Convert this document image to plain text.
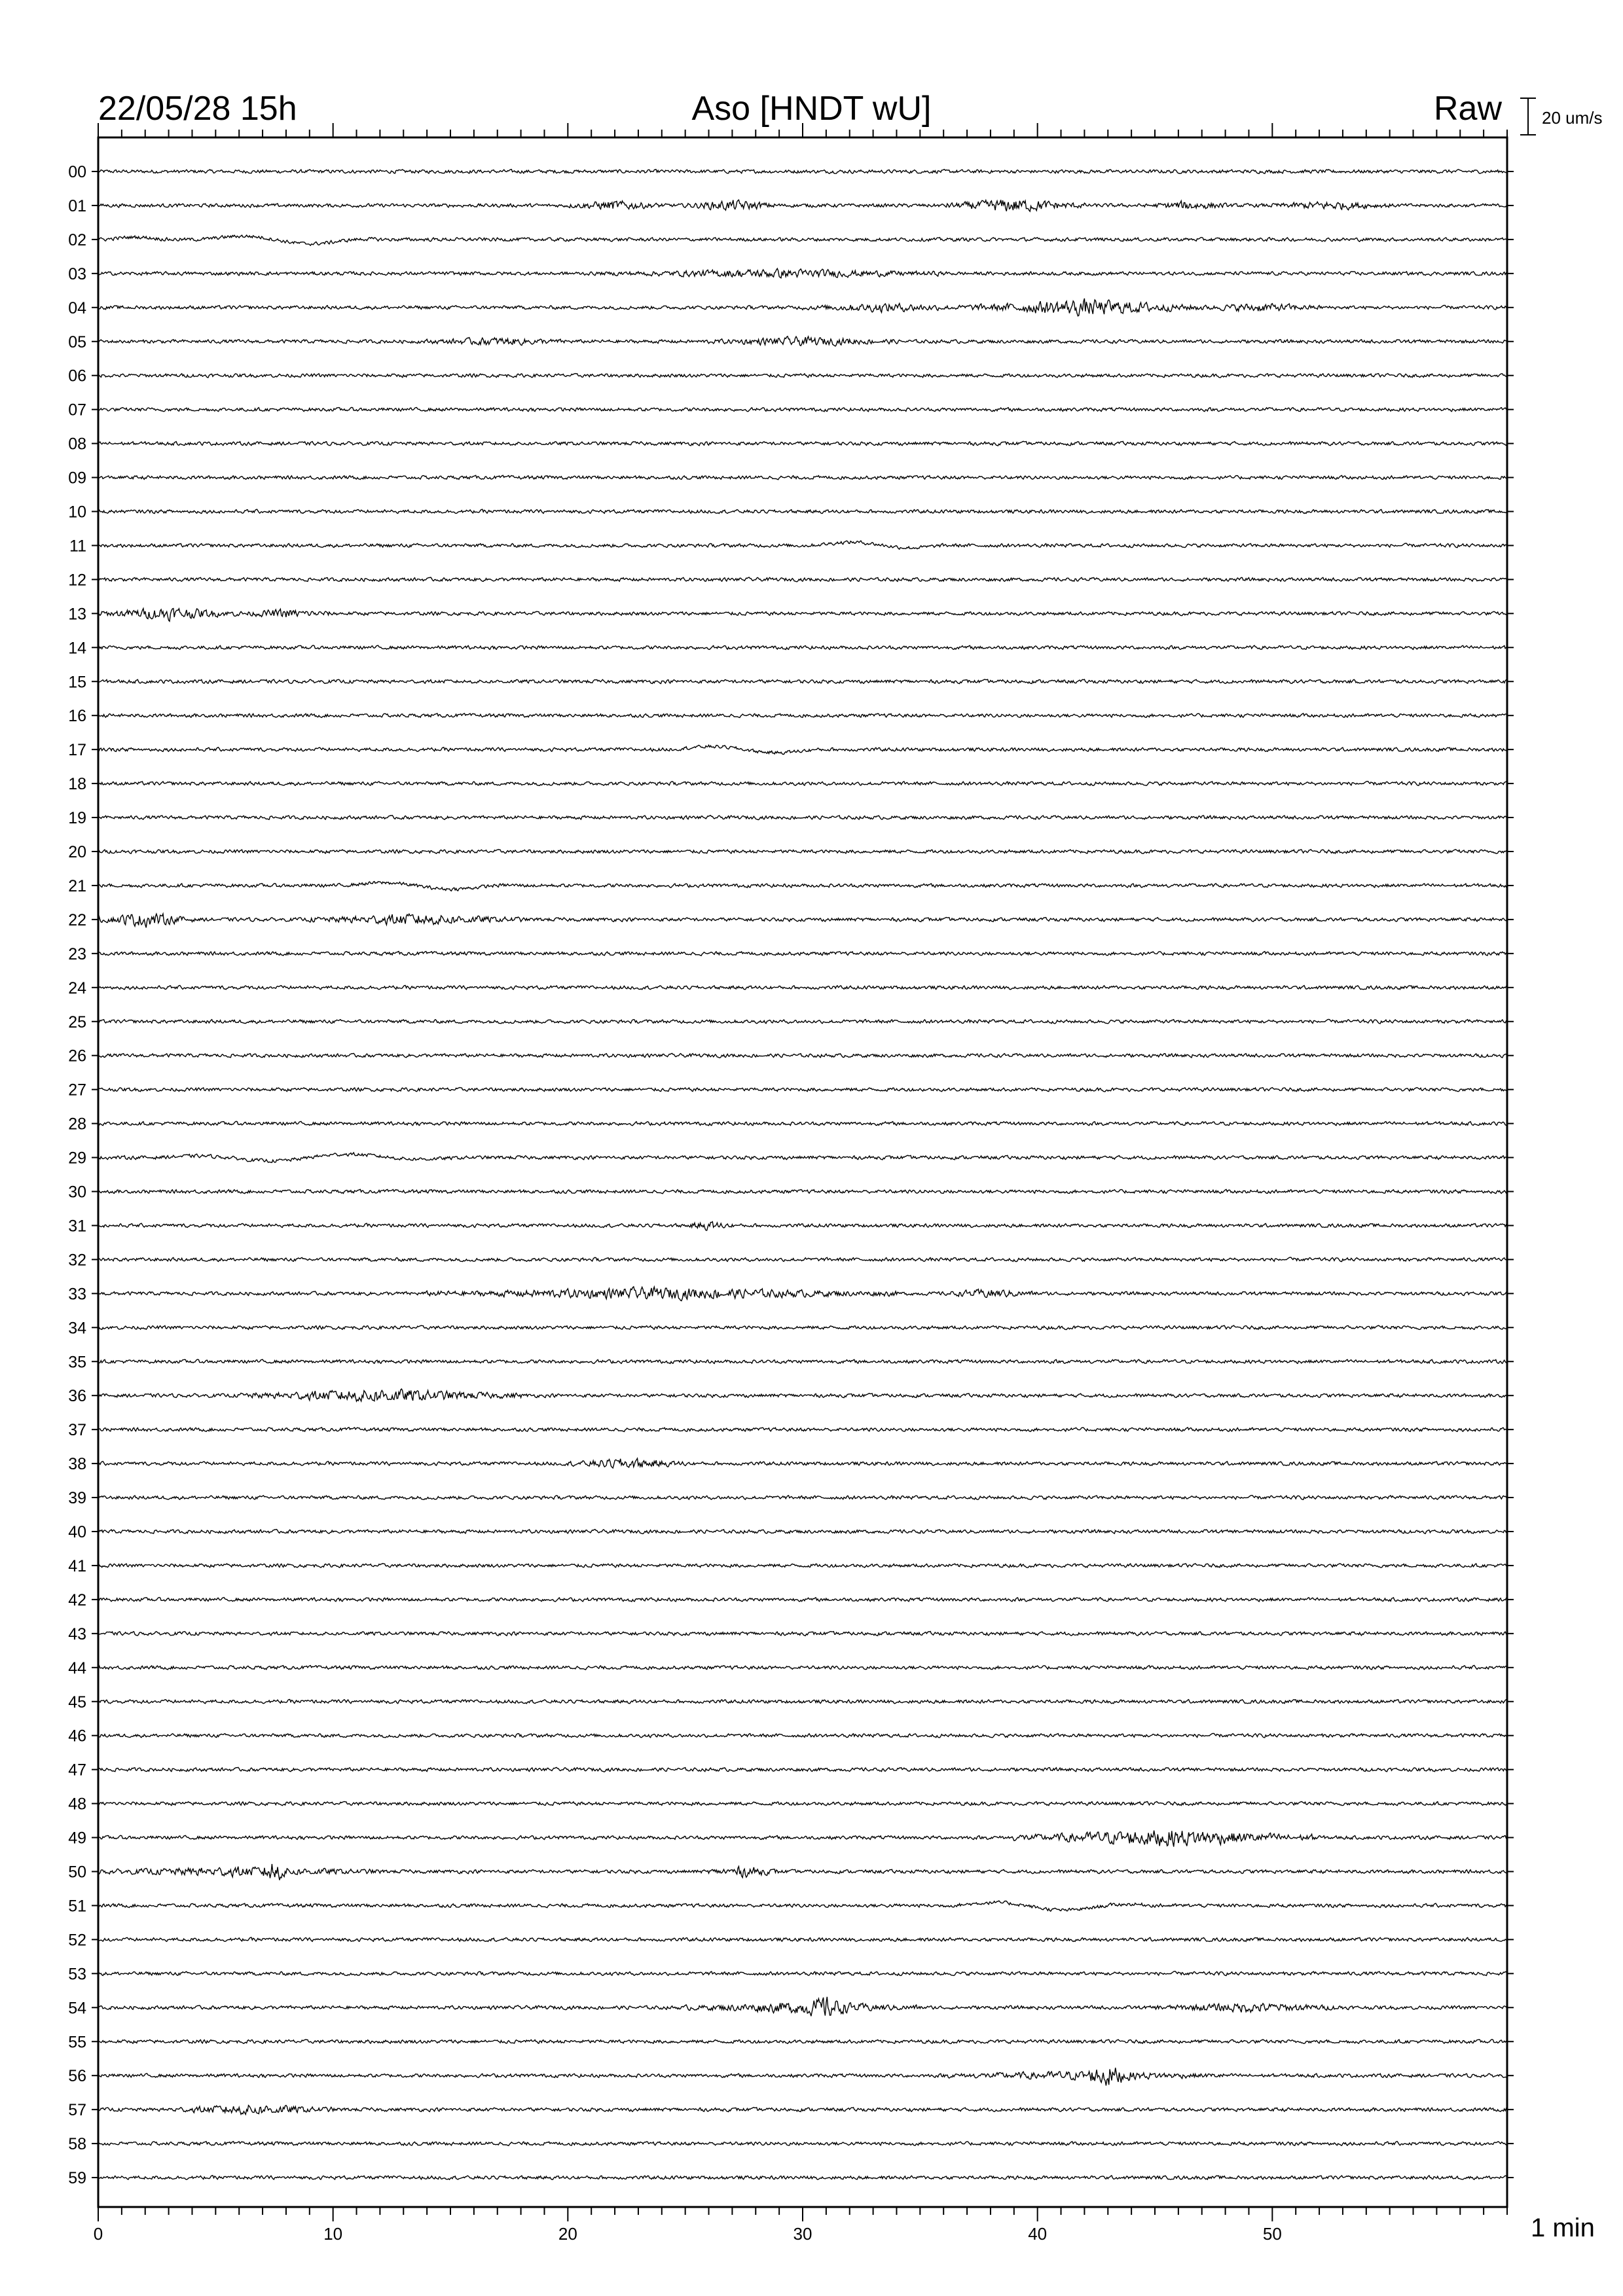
22/05/28 15h	Aso [HNDT wU]	Raw 20 um/s
1 min
0	10	20	30	40	50
00
01
02
03
04
05
06
07
08
09
10
11
12
13
14
15
16
17
18
19
20
21
22
23
24
25
26
27
28
29
30
31
32
33
34
35
36
37
38
39
40
41
42
43
44
45
46
47
48
49
50
51
52
53
54
55
56
57
58
59
